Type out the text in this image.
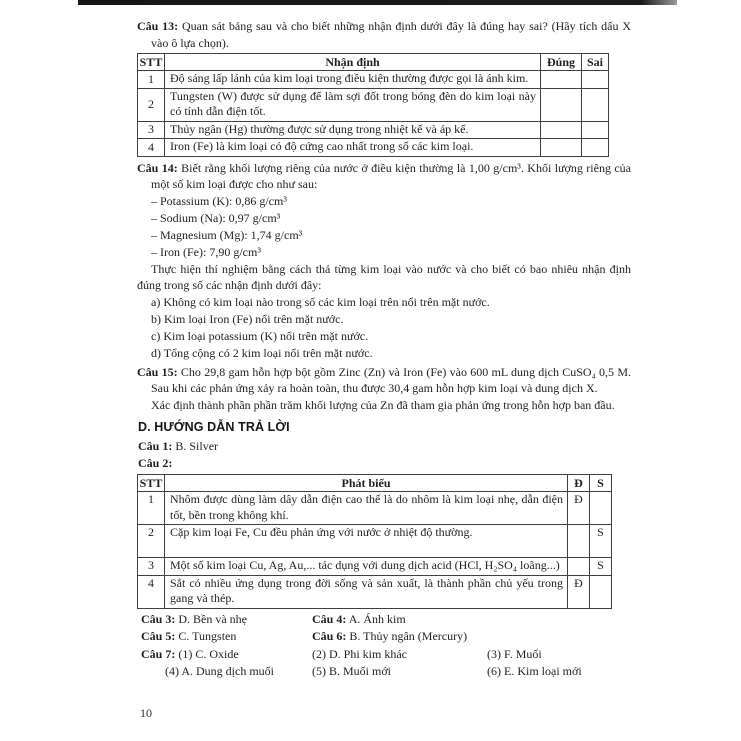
Câu 13: Quan sát bảng sau và cho biết những nhận định dưới đây là đúng hay sai? (Hãy tích dấu X vào ô lựa chọn).

STT	Nhận định	Đúng	Sai
1	Độ sáng lấp lánh của kim loại trong điều kiện thường được gọi là ánh kim.		
2	Tungsten (W) được sử dụng để làm sợi đốt trong bóng đèn do kim loại này có tính dẫn điện tốt.		
3	Thủy ngân (Hg) thường được sử dụng trong nhiệt kế và áp kế.		
4	Iron (Fe) là kim loại có độ cứng cao nhất trong số các kim loại.		

Câu 14: Biết rằng khối lượng riêng của nước ở điều kiện thường là 1,00 g/cm³. Khối lượng riêng của một số kim loại được cho như sau:

– Potassium (K): 0,86 g/cm³
– Sodium (Na): 0,97 g/cm³
– Magnesium (Mg): 1,74 g/cm³
– Iron (Fe): 7,90 g/cm³

Thực hiện thí nghiệm bằng cách thả từng kim loại vào nước và cho biết có bao nhiêu nhận định đúng trong số các nhận định dưới đây:

a) Không có kim loại nào trong số các kim loại trên nổi trên mặt nước.
b) Kim loại Iron (Fe) nổi trên mặt nước.
c) Kim loại potassium (K) nổi trên mặt nước.
d) Tổng cộng có 2 kim loại nổi trên mặt nước.

Câu 15: Cho 29,8 gam hỗn hợp bột gồm Zinc (Zn) và Iron (Fe) vào 600 mL dung dịch CuSO₄ 0,5 M. Sau khi các phản ứng xảy ra hoàn toàn, thu được 30,4 gam hỗn hợp kim loại và dung dịch X.

Xác định thành phần phần trăm khối lượng của Zn đã tham gia phản ứng trong hỗn hợp ban đầu.

D. HƯỚNG DẪN TRẢ LỜI
Câu 1: B. Silver
Câu 2:
STT	Phát biểu	Đ	S
1	Nhôm được dùng làm dây dẫn điện cao thế là do nhôm là kim loại nhẹ, dẫn điện tốt, bền trong không khí.	Đ	
2	Cặp kim loại Fe, Cu đều phản ứng với nước ở nhiệt độ thường.		S
3	Một số kim loại Cu, Ag, Au,... tác dụng với dung dịch acid (HCl, H₂SO₄ loãng...)		S
4	Sắt có nhiều ứng dụng trong đời sống và sản xuất, là thành phần chủ yếu trong gang và thép.	Đ	
Câu 3: D. Bền và nhẹ	Câu 4: A. Ánh kim
Câu 5: C. Tungsten	Câu 6: B. Thủy ngân (Mercury)
Câu 7: (1) C. Oxide	(2) D. Phi kim khác	(3) F. Muối
(4) A. Dung dịch muối	(5) B. Muối mới	(6) E. Kim loại mới
10
